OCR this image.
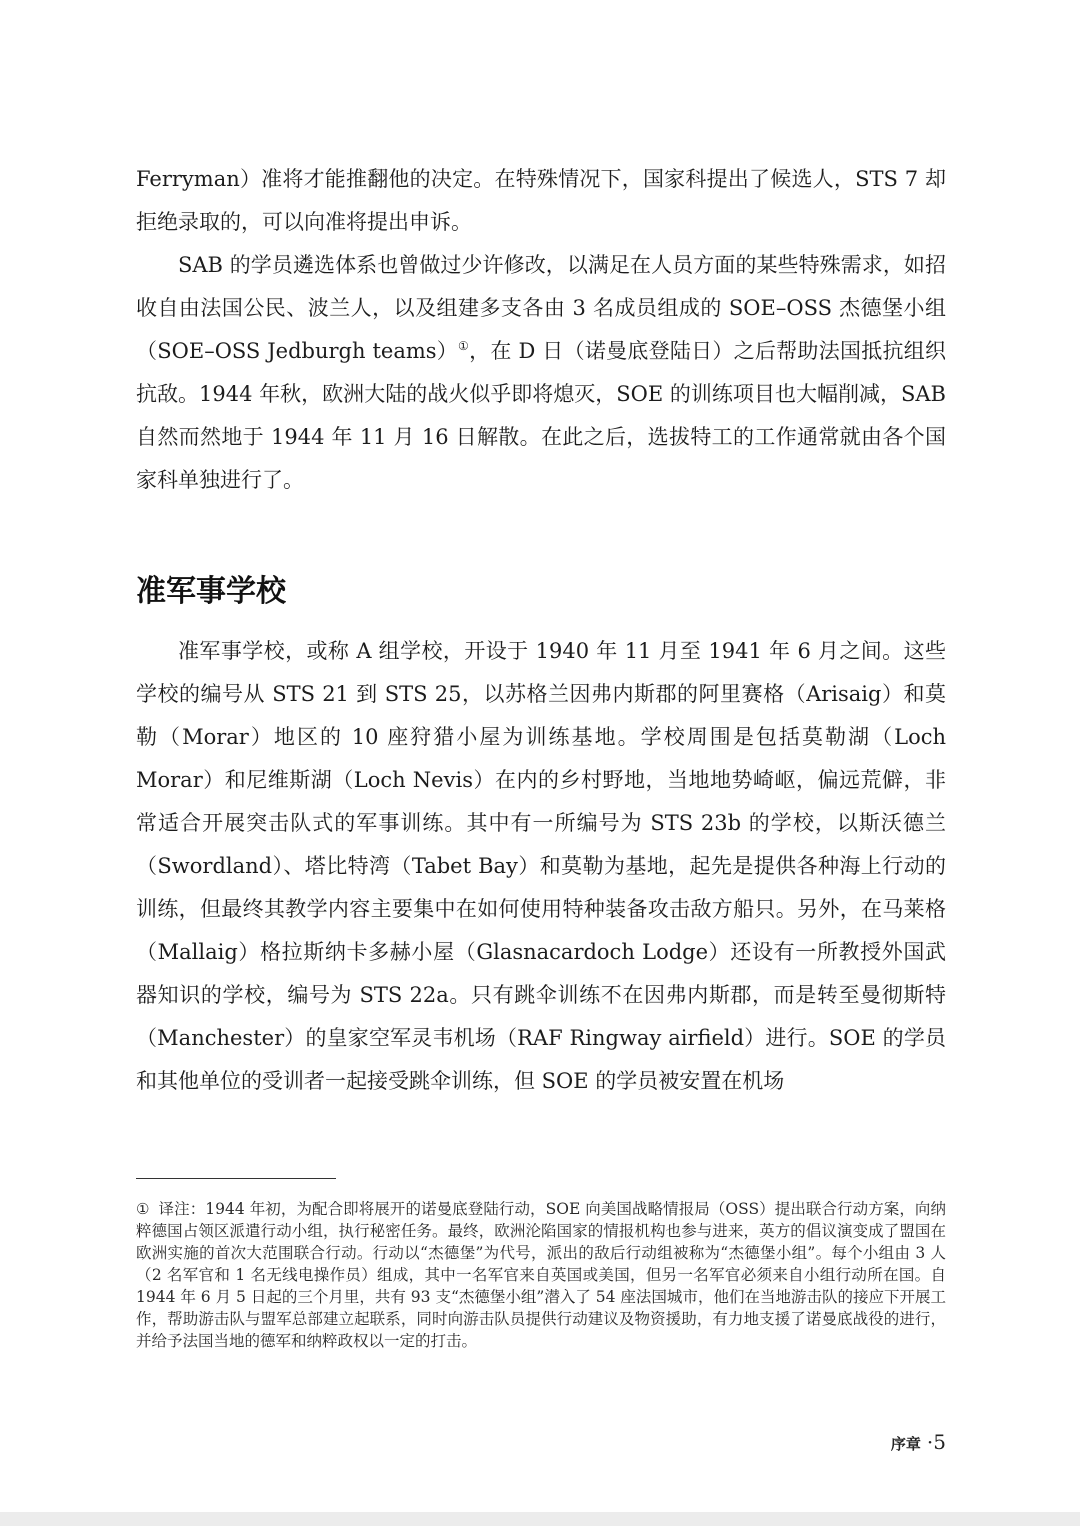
Ferryman）准将才能推翻他的决定。在特殊情况下，国家科提出了候选人，STS 7 却拒绝录取的，可以向准将提出申诉。

SAB 的学员遴选体系也曾做过少许修改，以满足在人员方面的某些特殊需求，如招收自由法国公民、波兰人，以及组建多支各由 3 名成员组成的 SOE–OSS 杰德堡小组（SOE–OSS Jedburgh teams）①，在 D 日（诺曼底登陆日）之后帮助法国抵抗组织抗敌。1944 年秋，欧洲大陆的战火似乎即将熄灭，SOE 的训练项目也大幅削减，SAB 自然而然地于 1944 年 11 月 16 日解散。在此之后，选拔特工的工作通常就由各个国家科单独进行了。

准军事学校

准军事学校，或称 A 组学校，开设于 1940 年 11 月至 1941 年 6 月之间。这些学校的编号从 STS 21 到 STS 25，以苏格兰因弗内斯郡的阿里赛格（Arisaig）和莫勒（Morar）地区的 10 座狩猎小屋为训练基地。学校周围是包括莫勒湖（Loch Morar）和尼维斯湖（Loch Nevis）在内的乡村野地，当地地势崎岖，偏远荒僻，非常适合开展突击队式的军事训练。其中有一所编号为 STS 23b 的学校，以斯沃德兰（Swordland）、塔比特湾（Tabet Bay）和莫勒为基地，起先是提供各种海上行动的训练，但最终其教学内容主要集中在如何使用特种装备攻击敌方船只。另外，在马莱格（Mallaig）格拉斯纳卡多赫小屋（Glasnacardoch Lodge）还设有一所教授外国武器知识的学校，编号为 STS 22a。只有跳伞训练不在因弗内斯郡，而是转至曼彻斯特（Manchester）的皇家空军灵韦机场（RAF Ringway airfield）进行。SOE 的学员和其他单位的受训者一起接受跳伞训练，但 SOE 的学员被安置在机场

① 译注：1944 年初，为配合即将展开的诺曼底登陆行动，SOE 向美国战略情报局（OSS）提出联合行动方案，向纳粹德国占领区派遣行动小组，执行秘密任务。最终，欧洲沦陷国家的情报机构也参与进来，英方的倡议演变成了盟国在欧洲实施的首次大范围联合行动。行动以“杰德堡”为代号，派出的敌后行动组被称为“杰德堡小组”。每个小组由 3 人（2 名军官和 1 名无线电操作员）组成，其中一名军官来自英国或美国，但另一名军官必须来自小组行动所在国。自 1944 年 6 月 5 日起的三个月里，共有 93 支“杰德堡小组”潜入了 54 座法国城市，他们在当地游击队的接应下开展工作，帮助游击队与盟军总部建立起联系，同时向游击队员提供行动建议及物资援助，有力地支援了诺曼底战役的进行，并给予法国当地的德军和纳粹政权以一定的打击。

序章 ·5
